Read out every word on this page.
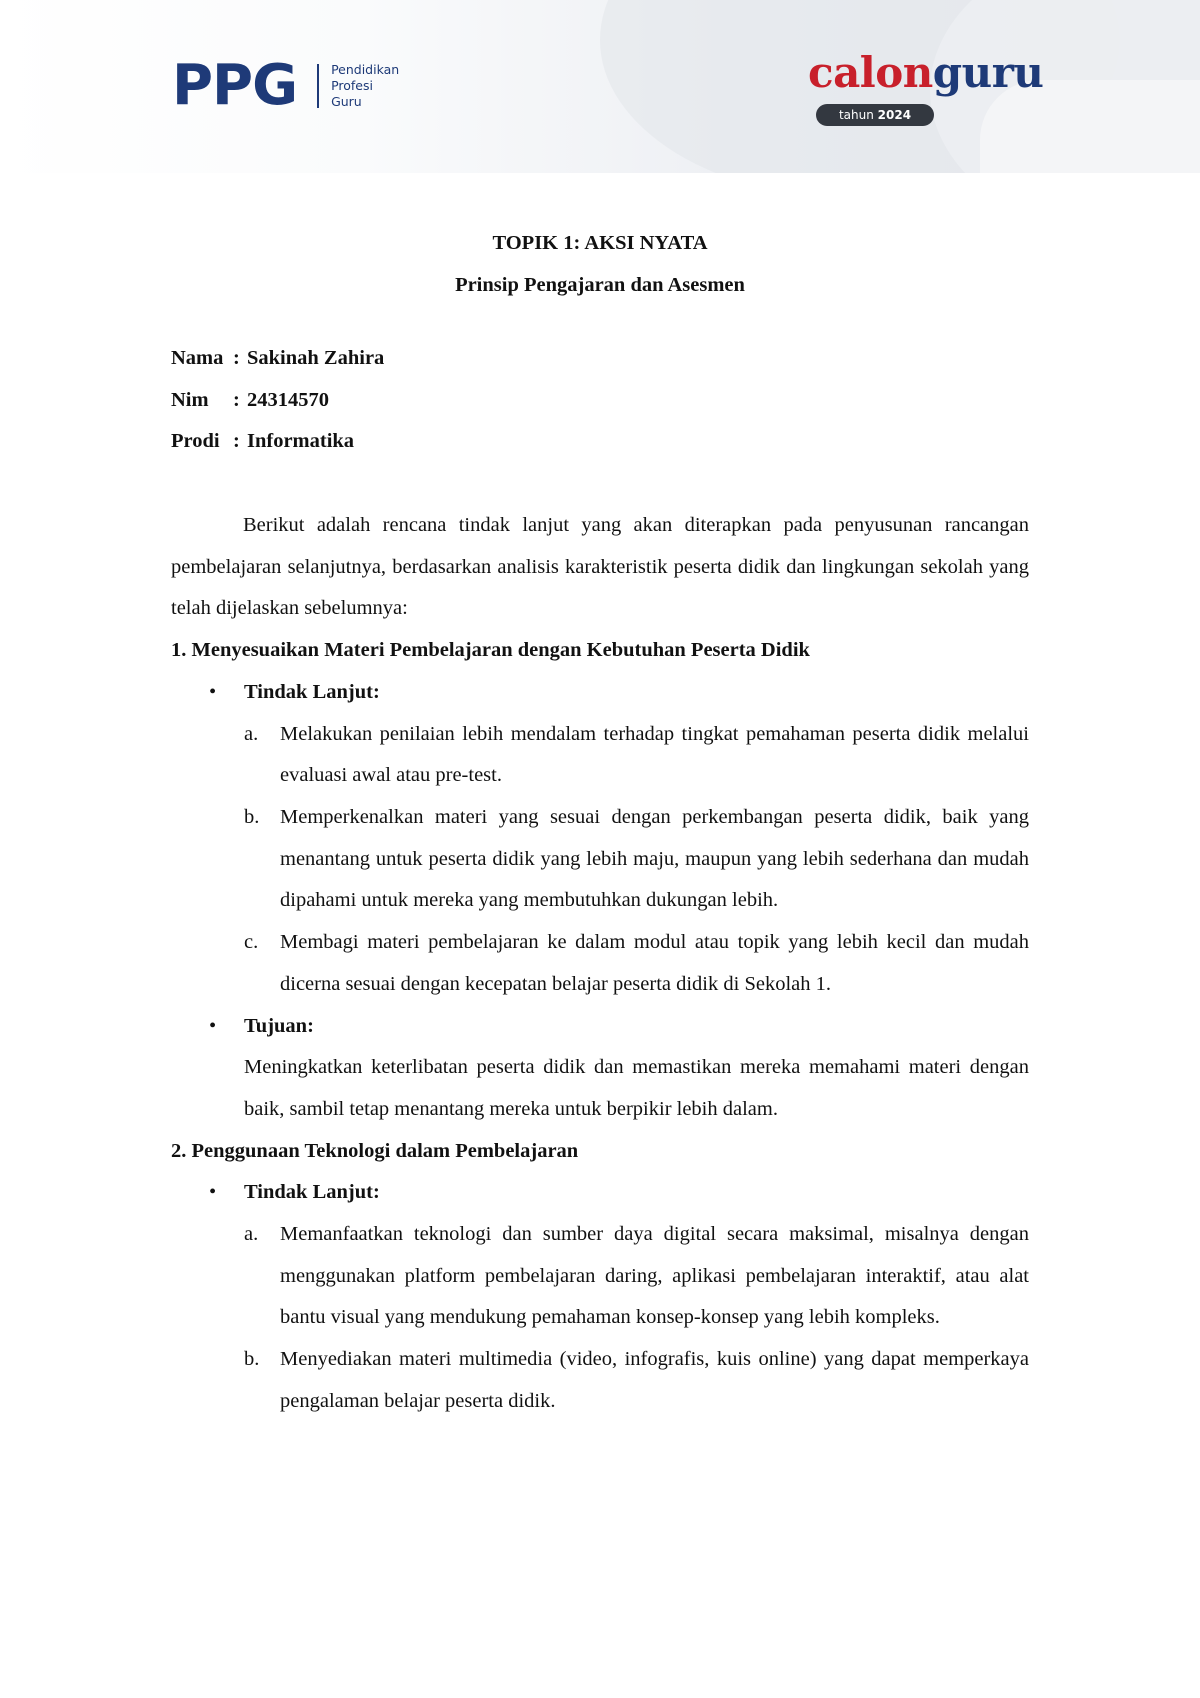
PPG	Pendidikan
Profesi
Guru
calonguru
tahun 2024
TOPIK 1: AKSI NYATA
Prinsip Pengajaran dan Asesmen
Nama : Sakinah Zahira
Nim	: 24314570
Prodi : Informatika

Berikut adalah rencana tindak lanjut yang akan diterapkan pada penyusunan rancangan pembelajaran selanjutnya, berdasarkan analisis karakteristik peserta didik dan lingkungan sekolah yang telah dijelaskan sebelumnya:

1. Menyesuaikan Materi Pembelajaran dengan Kebutuhan Peserta Didik
• Tindak Lanjut:
a. Melakukan penilaian lebih mendalam terhadap tingkat pemahaman peserta didik melalui evaluasi awal atau pre-test.
b. Memperkenalkan materi yang sesuai dengan perkembangan peserta didik, baik yang menantang untuk peserta didik yang lebih maju, maupun yang lebih sederhana dan mudah dipahami untuk mereka yang membutuhkan dukungan lebih.
c. Membagi materi pembelajaran ke dalam modul atau topik yang lebih kecil dan mudah dicerna sesuai dengan kecepatan belajar peserta didik di Sekolah 1.
• Tujuan:
Meningkatkan keterlibatan peserta didik dan memastikan mereka memahami materi dengan baik, sambil tetap menantang mereka untuk berpikir lebih dalam.
2. Penggunaan Teknologi dalam Pembelajaran
• Tindak Lanjut:
a. Memanfaatkan teknologi dan sumber daya digital secara maksimal, misalnya dengan menggunakan platform pembelajaran daring, aplikasi pembelajaran interaktif, atau alat bantu visual yang mendukung pemahaman konsep-konsep yang lebih kompleks.
b. Menyediakan materi multimedia (video, infografis, kuis online) yang dapat memperkaya pengalaman belajar peserta didik.
